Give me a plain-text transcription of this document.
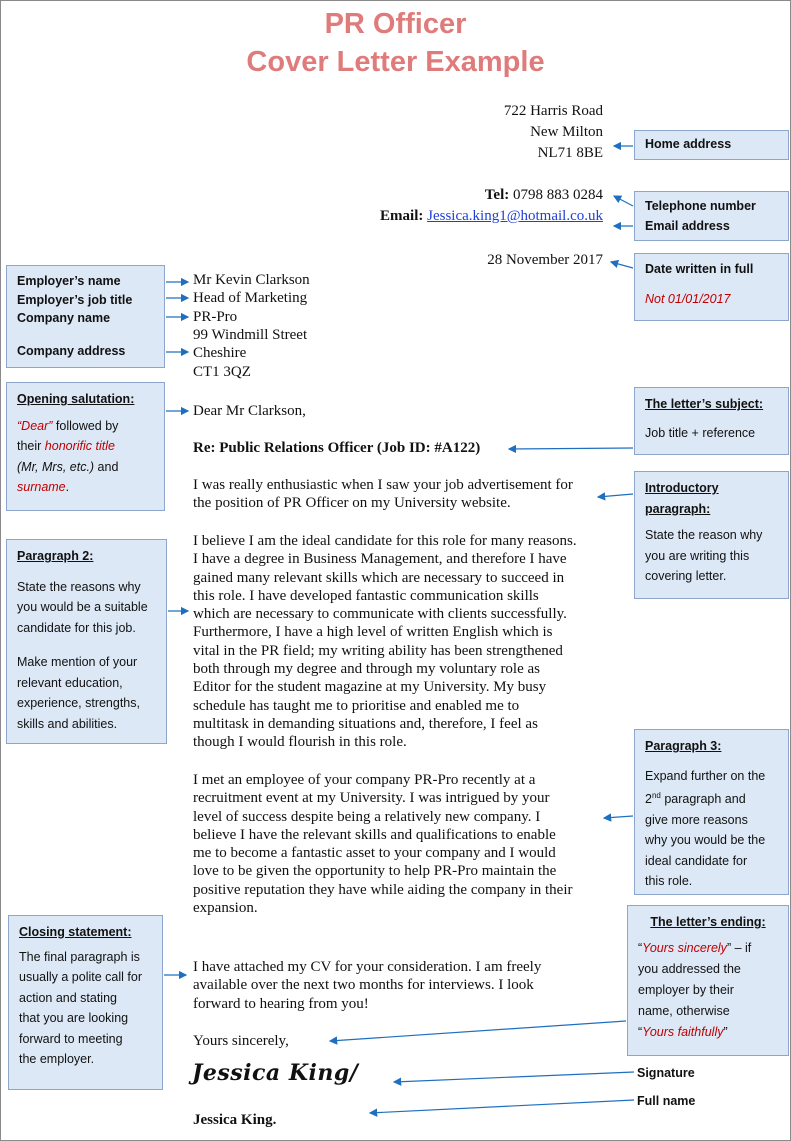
PR Officer
Cover Letter Example
722 Harris Road
New Milton
NL71 8BE
Tel: 0798 883 0284
Email: Jessica.king1@hotmail.co.uk
28 November 2017
Mr Kevin Clarkson
Head of Marketing
PR-Pro
99 Windmill Street
Cheshire
CT1 3QZ
Dear Mr Clarkson,
Re: Public Relations Officer (Job ID: #A122)
I was really enthusiastic when I saw your job advertisement for
the position of PR Officer on my University website.
I believe I am the ideal candidate for this role for many reasons.
I have a degree in Business Management, and therefore I have
gained many relevant skills which are necessary to succeed in
this role. I have developed fantastic communication skills
which are necessary to communicate with clients successfully.
Furthermore, I have a high level of written English which is
vital in the PR field; my writing ability has been strengthened
both through my degree and through my voluntary role as
Editor for the student magazine at my University. My busy
schedule has taught me to prioritise and enabled me to
multitask in demanding situations and, therefore, I feel as
though I would flourish in this role.
I met an employee of your company PR-Pro recently at a
recruitment event at my University. I was intrigued by your
level of success despite being a relatively new company. I
believe I have the relevant skills and qualifications to enable
me to become a fantastic asset to your company and I would
love to be given the opportunity to help PR-Pro maintain the
positive reputation they have while aiding the company in their
expansion.
I have attached my CV for your consideration. I am freely
available over the next two months for interviews. I look
forward to hearing from you!
Yours sincerely,
Jessica King/
Jessica King.
Home address
Telephone number
Email address
Date written in full
Not 01/01/2017
The letter’s subject:
Job title + reference
Introductory
paragraph:
State the reason why
you are writing this
covering letter.
Paragraph 3:
Expand further on the
2nd paragraph and
give more reasons
why you would be the
ideal candidate for
this role.
The letter’s ending:
“Yours sincerely” – if
you addressed the
employer by their
name, otherwise
“Yours faithfully”
Signature
Full name
Employer’s name
Employer’s job title
Company name
Company address
Opening salutation:
“Dear” followed by
their honorific title
(Mr, Mrs, etc.) and
surname.
Paragraph 2:
State the reasons why
you would be a suitable
candidate for this job.
Make mention of your
relevant education,
experience, strengths,
skills and abilities.
Closing statement:
The final paragraph is
usually a polite call for
action and stating
that you are looking
forward to meeting
the employer.
